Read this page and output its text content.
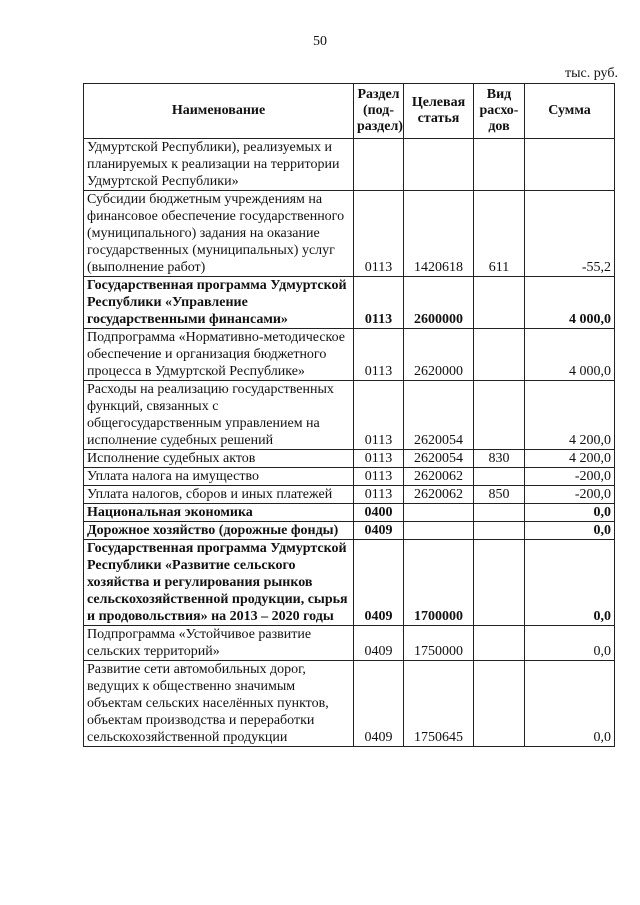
50
тыс. руб.
Наименование	Раздел (под-раздел)	Целевая статья	Вид расхо-дов	Сумма
Удмуртской Республики), реализуемых и планируемых к реализации на территории Удмуртской Республики»				
Субсидии бюджетным учреждениям на финансовое обеспечение государственного (муниципального) задания на оказание государственных (муниципальных) услуг (выполнение работ)	0113	1420618	611	-55,2
Государственная программа Удмуртской Республики «Управление государственными финансами»	0113	2600000		4 000,0
Подпрограмма «Нормативно-методическое обеспечение и организация бюджетного процесса в Удмуртской Республике»	0113	2620000		4 000,0
Расходы на реализацию государственных функций, связанных с общегосударственным управлением на исполнение судебных решений	0113	2620054		4 200,0
Исполнение судебных актов	0113	2620054	830	4 200,0
Уплата налога на имущество	0113	2620062		-200,0
Уплата налогов, сборов и иных платежей	0113	2620062	850	-200,0
Национальная экономика	0400			0,0
Дорожное хозяйство (дорожные фонды)	0409			0,0
Государственная программа Удмуртской Республики «Развитие сельского хозяйства и регулирования рынков сельскохозяйственной продукции, сырья и продовольствия» на 2013 – 2020 годы	0409	1700000		0,0
Подпрограмма «Устойчивое развитие сельских территорий»	0409	1750000		0,0
Развитие сети автомобильных дорог, ведущих к общественно значимым объектам сельских населённых пунктов, объектам производства и переработки сельскохозяйственной продукции	0409	1750645		0,0
